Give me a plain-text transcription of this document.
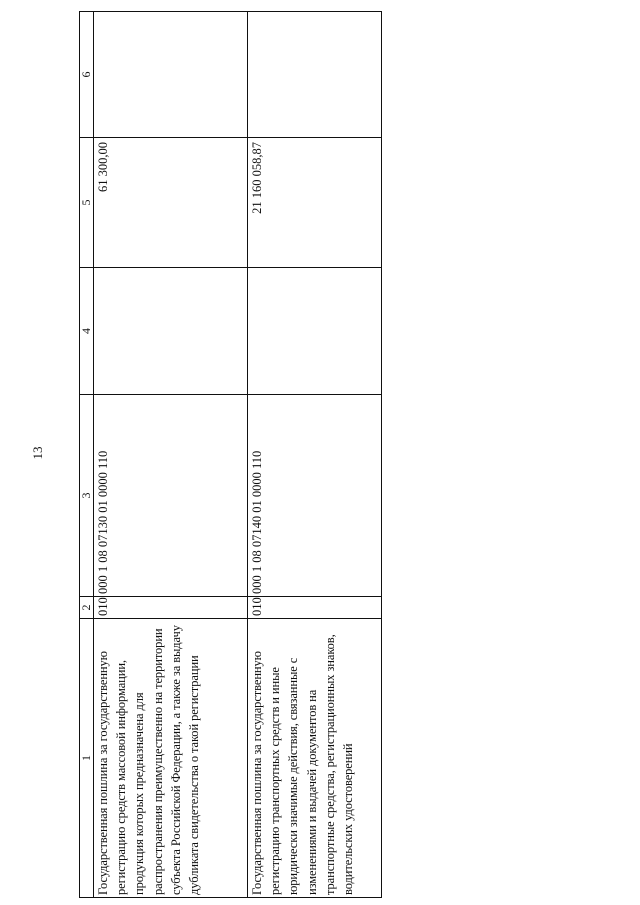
13
1	2	3	4	5	6
Государственная пошлина за государственную регистрацию средств массовой информации, продукция которых предназначена для распространения преимущественно на территории субъекта Российской Федерации, а также за выдачу дубликата свидетельства о такой регистрации	010	000 1 08 07130 01 0000 110		61 300,00	
Государственная пошлина за государственную регистрацию транспортных средств и иные юридически значимые действия, связанные с изменениями и выдачей документов на транспортные средства, регистрационных знаков, водительских удостоверений	010	000 1 08 07140 01 0000 110		21 160 058,87	
